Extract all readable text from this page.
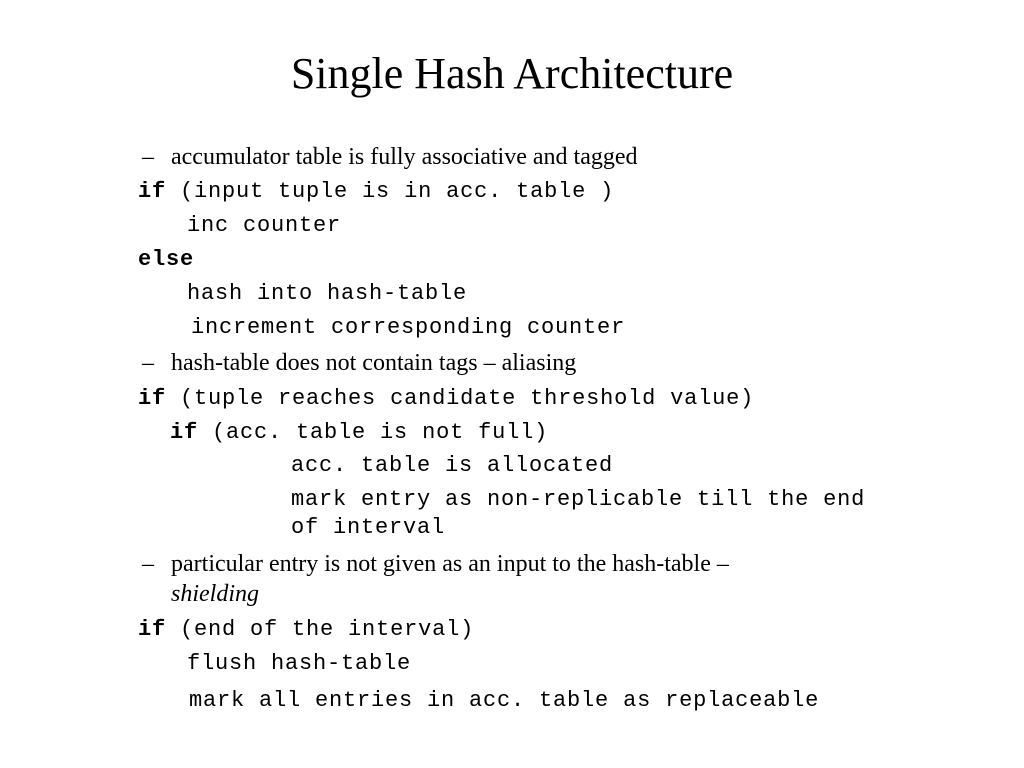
Single Hash Architecture
– accumulator table is fully associative and tagged
if (input tuple is in acc. table )
inc counter
else
hash into hash-table
increment corresponding counter
– hash-table does not contain tags – aliasing
if (tuple reaches candidate threshold value)
if (acc. table is not full)
acc. table is allocated
mark entry as non-replicable till the end
of interval
– particular entry is not given as an input to the hash-table –
shielding
if (end of the interval)
flush hash-table
mark all entries in acc. table as replaceable
